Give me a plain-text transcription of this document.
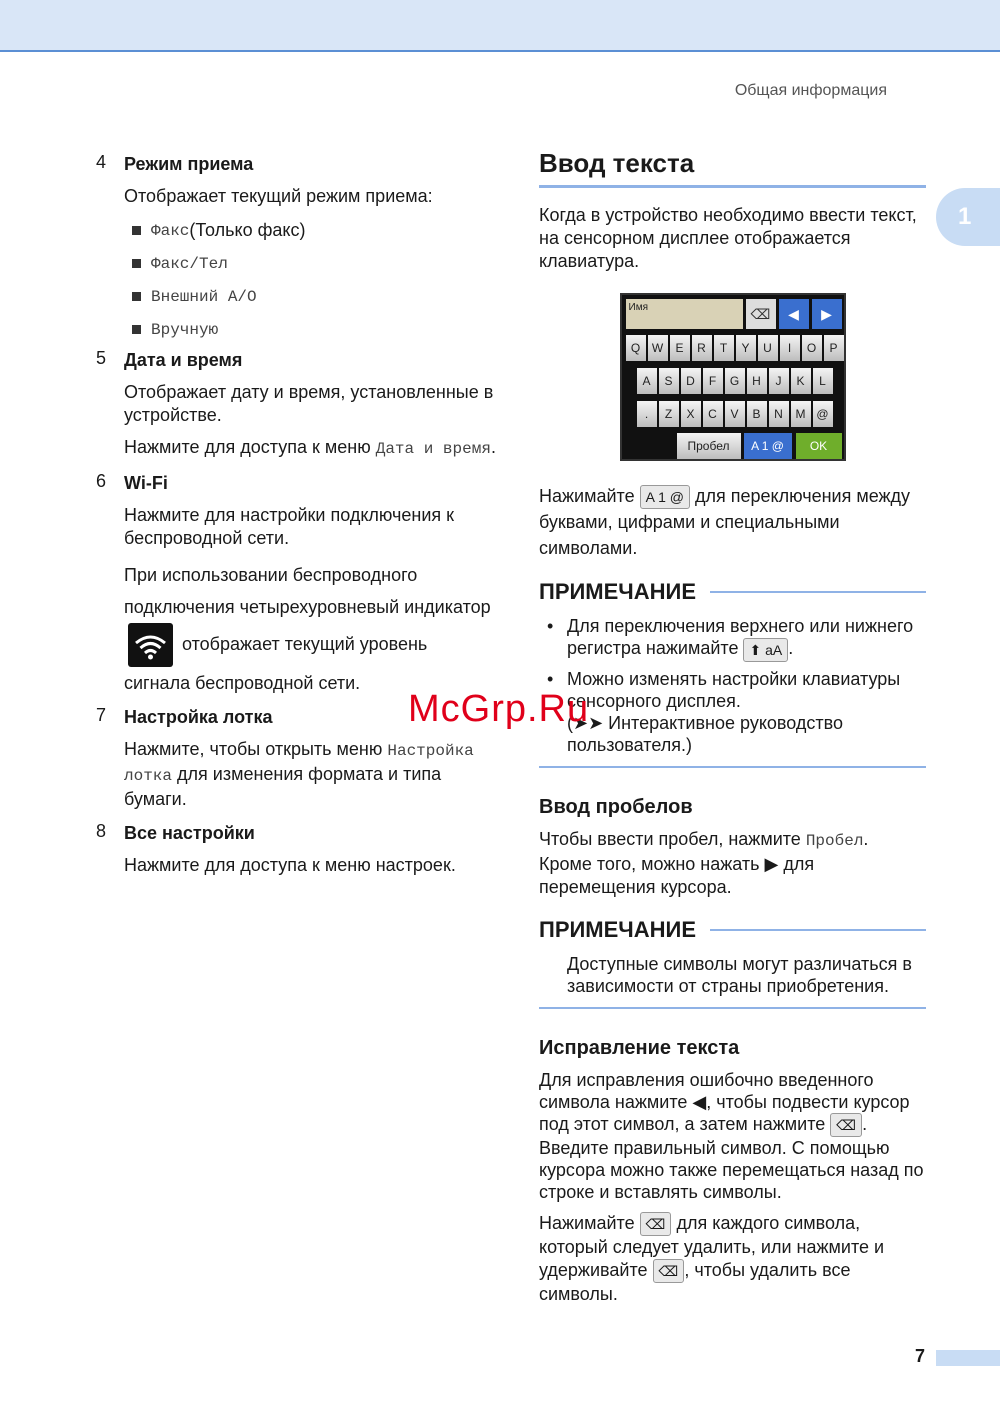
Общая информация
1
4 Режим приема
Отображает текущий режим приема:
Факс (Только факс)
Факс/Тел
Внешний А/О
Вручную
5 Дата и время
Отображает дату и время, установленные в устройстве.
Нажмите для доступа к меню Дата и время.
6 Wi-Fi
Нажмите для настройки подключения к беспроводной сети.
При использовании беспроводного подключения четырехуровневый индикатор  отображает текущий уровень сигнала беспроводной сети.
7 Настройка лотка
Нажмите, чтобы открыть меню Настройка лотка для изменения формата и типа бумаги.
8 Все настройки
Нажмите для доступа к меню настроек.
Ввод текста
Когда в устройство необходимо ввести текст, на сенсорном дисплее отображается клавиатура.
Имя	⌫	◀	▶
Q W	E	R	T	Y	U	I	O	P
A	S	D	F	G	H	J	K	L
.	Z	X	C	V	B	N	M @
Пробел	A 1 @	OK
Нажимайте A 1 @ для переключения между буквами, цифрами и специальными символами.
ПРИМЕЧАНИЕ
• Для переключения верхнего или нижнего регистра нажимайте ⬆ aA .
• Можно изменять настройки клавиатуры сенсорного дисплея.
(➤➤ Интерактивное руководство пользователя.)
Ввод пробелов
Чтобы ввести пробел, нажмите Пробел. Кроме того, можно нажать ▶ для перемещения курсора.
ПРИМЕЧАНИЕ
Доступные символы могут различаться в зависимости от страны приобретения.
Исправление текста
Для исправления ошибочно введенного символа нажмите ◀, чтобы подвести курсор под этот символ, а затем нажмите ⌫ . Введите правильный символ. С помощью курсора можно также перемещаться назад по строке и вставлять символы.
Нажимайте ⌫ для каждого символа, который следует удалить, или нажмите и удерживайте ⌫ , чтобы удалить все символы.
McGrp.Ru
7
